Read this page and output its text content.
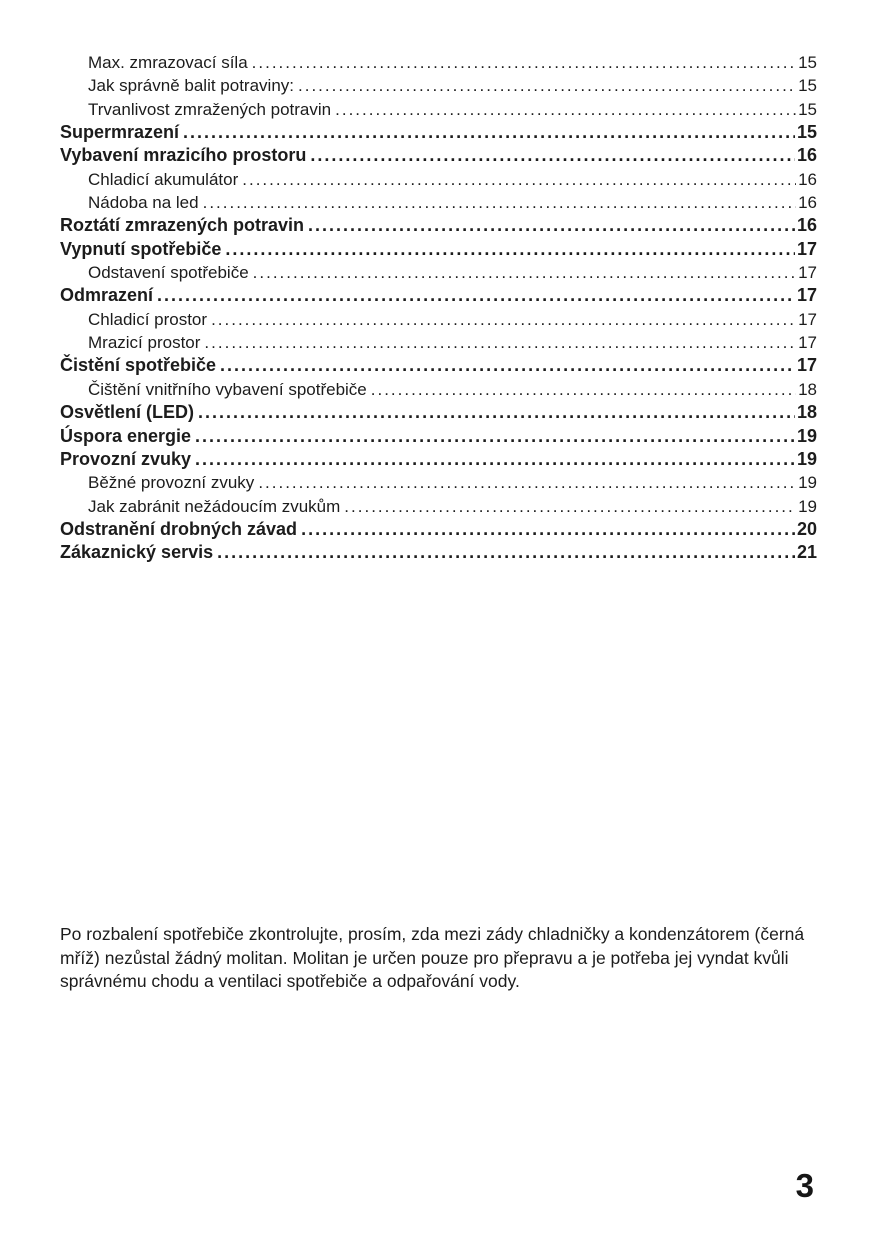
Max. zmrazovací síla .....	15
Jak správně balit potraviny: .....	15
Trvanlivost zmražených potravin .....	15
Supermrazení .....	15
Vybavení mrazicího prostoru .....	16
Chladicí akumulátor .....	16
Nádoba na led .....	16
Roztátí zmrazených potravin .....	16
Vypnutí spotřebiče .....	17
Odstavení spotřebiče .....	17
Odmrazení .....	17
Chladicí prostor .....	17
Mrazicí prostor .....	17
Čistění spotřebiče .....	17
Čištění vnitřního vybavení spotřebiče .....	18
Osvětlení (LED) .....	18
Úspora energie .....	19
Provozní zvuky .....	19
Běžné provozní zvuky .....	19
Jak zabránit nežádoucím zvukům .....	19
Odstranění drobných závad .....	20
Zákaznický servis .....	21

Po rozbalení spotřebiče zkontrolujte, prosím, zda mezi zády chladničky a kondenzátorem (černá mříž) nezůstal žádný molitan. Molitan je určen pouze pro přepravu a je potřeba jej vyndat kvůli správnému chodu a ventilaci spotřebiče a odpařování vody.

3
